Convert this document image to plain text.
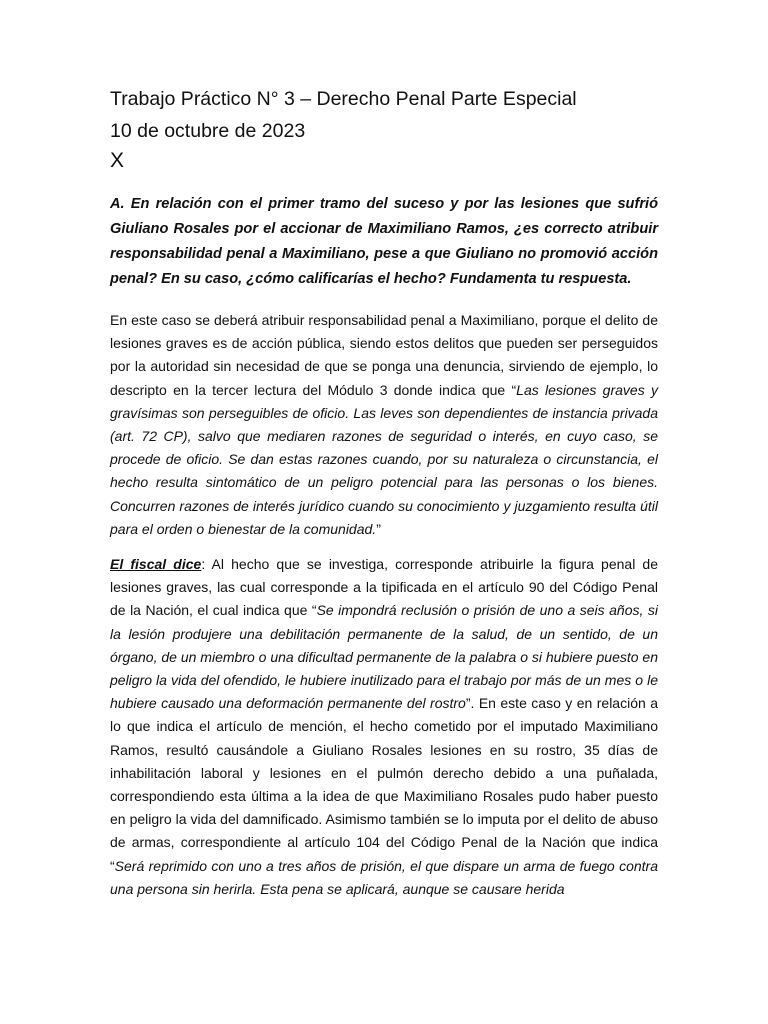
Trabajo Práctico N° 3 – Derecho Penal Parte Especial

10 de octubre de 2023

X

A. En relación con el primer tramo del suceso y por las lesiones que sufrió Giuliano Rosales por el accionar de Maximiliano Ramos, ¿es correcto atribuir responsabilidad penal a Maximiliano, pese a que Giuliano no promovió acción penal? En su caso, ¿cómo calificarías el hecho? Fundamenta tu respuesta.

En este caso se deberá atribuir responsabilidad penal a Maximiliano, porque el delito de lesiones graves es de acción pública, siendo estos delitos que pueden ser perseguidos por la autoridad sin necesidad de que se ponga una denuncia, sirviendo de ejemplo, lo descripto en la tercer lectura del Módulo 3 donde indica que “Las lesiones graves y gravísimas son perseguibles de oficio. Las leves son dependientes de instancia privada (art. 72 CP), salvo que mediaren razones de seguridad o interés, en cuyo caso, se procede de oficio. Se dan estas razones cuando, por su naturaleza o circunstancia, el hecho resulta sintomático de un peligro potencial para las personas o los bienes. Concurren razones de interés jurídico cuando su conocimiento y juzgamiento resulta útil para el orden o bienestar de la comunidad.”

El fiscal dice: Al hecho que se investiga, corresponde atribuirle la figura penal de lesiones graves, las cual corresponde a la tipificada en el artículo 90 del Código Penal de la Nación, el cual indica que “Se impondrá reclusión o prisión de uno a seis años, si la lesión produjere una debilitación permanente de la salud, de un sentido, de un órgano, de un miembro o una dificultad permanente de la palabra o si hubiere puesto en peligro la vida del ofendido, le hubiere inutilizado para el trabajo por más de un mes o le hubiere causado una deformación permanente del rostro”. En este caso y en relación a lo que indica el artículo de mención, el hecho cometido por el imputado Maximiliano Ramos, resultó causándole a Giuliano Rosales lesiones en su rostro, 35 días de inhabilitación laboral y lesiones en el pulmón derecho debido a una puñalada, correspondiendo esta última a la idea de que Maximiliano Rosales pudo haber puesto en peligro la vida del damnificado. Asimismo también se lo imputa por el delito de abuso de armas, correspondiente al artículo 104 del Código Penal de la Nación que indica “Será reprimido con uno a tres años de prisión, el que dispare un arma de fuego contra una persona sin herirla. Esta pena se aplicará, aunque se causare herida
